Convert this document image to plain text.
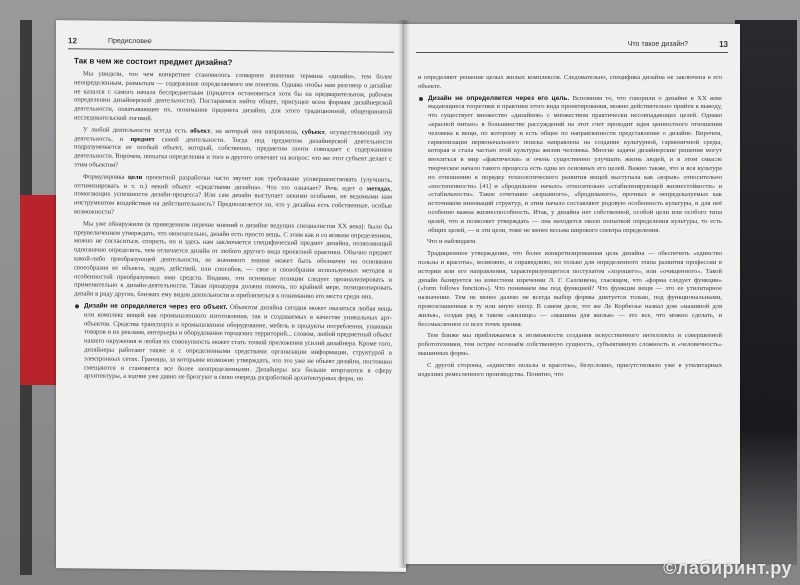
12	Предисловие
Так в чем же состоит предмет дизайна?

Мы увидели, что чем конкретнее становилось словарное значение термина «дизайн», тем более неопределенным, размытым — содержание определяемого им понятия. Однако чтобы нам разговор о дизайне не казался с самого начала беспредметным (придется остановиться хотя бы на предварительном, рабочем определении дизайнерской деятельности). Постараемся найти общее, присущее всем формам дизайнерской деятельности, охватывающее их, понимание предмета дизайна, для этого традиционной, общепринятой исследовательской логикой.

У любой деятельности всегда есть объект, на который она направлена, субъект, осуществляющий эту деятельность, и предмет самой деятельности. Тогда под предметом дизайнерской деятельности подразумевается ее особый объект, который, собственно, предметом почти совпадает с содержанием деятельности. Впрочем, попытка определения и того и другого отвечает на вопрос: что же этот субъект делает с этим объектом?

Формулировка цели проектной разработки часто звучит как требование усовершенствовать (улучшить, оптимизировать и т. п.) некий объект «средствами дизайна». Что это означает? Речь идет о методах, помогающих успешности дизайн-процесса? Или сам дизайн выступает некими особыми, не ведомыми нам инструментом воздействия на действительность? Предполагается ли, что у дизайна есть собственные, особые возможности?

Мы уже обнаружили (в приведенном перечне мнений о дизайне ведущих специалистов XX века): было бы преувеличением утверждать, что окончательно, дизайн есть просто вещь. С этим как и со всяким определением, можно не согласиться, спорить, но и здесь нам заключается специфический предмет дизайна, позволяющий однозначно определить, чем отличается дизайн от любого другого вида проектной практики. Обычно предмет какой-либо преобразующей деятельности, ее значимого знания может быть обозначен на основании своеобразия ее объекта, задач, действий, или способов, — свое и своеобразия используемых методов и особенностей преобразуемых ими средств. Видимо, эти основные позиции следует проанализировать и применительно к дизайн-деятельности. Такая процедура должна помочь, по крайней мере, позиционировать дизайн в ряду других, близких ему видов деятельности и приблизиться к пониманию его места среди них.

Дизайн не определяется через его объект. Объектом дизайна сегодня может оказаться любая вещь или комплекс вещей как промышленного изготовления, так и создаваемых в качестве уникальных арт-объектов. Средства транспорта и промышленное оборудование, мебель и продукты потребления, упаковки товаров и их реклама, интерьеры и оборудование городских территорий... словом, любой предметный объект нашего окружения и любая их совокупность может стать точкой приложения усилий дизайнера. Кроме того, дизайнеры работают также и с определенными средствами организации информации, структурой в электронных сетях. Границы, за которыми возможно утверждать, что это уже не объект дизайна, постоянно смещаются и становятся все более неопределенными. Дизайнеры все больше вторгаются в сферу архитектуры, а зодчие уже давно не брезгуют в свою очередь разработкой архитектурных форм, но

Что такое дизайн?	13

и определяют решение целых жилых комплексов. Следовательно, специфика дизайна не заключена в его объекте.

Дизайн не определяется через его цель. Вспомним то, что говорили о дизайне в XX веке выдающиеся теоретики и практики этого вида проектирования, можно действительно прийти к выводу, что существует множество «дизайнов» с множеством практически несовпадающих целей. Однако «красной нитью» в большинстве рассуждений на этот счет проходит идея ценностного отношения человека к вещи, по которому и есть общее по направленности представление о дизайне. Впрочем, гармонизация первоначального поиска направлена на создание культурной, гармоничной среды, которая и стала частью этой культуры жизни человека. Многие задачи дизайнерские решения могут вноситься в мир «фактически» и очень существенно улучшать жизнь людей, и в этом смысле творческое начало такого процесса есть одна из основных его целей. Важно также, что и вся культура по отношению к порядку технологического развития вещей выступала как «взрыв» относительно «постепенности» [41] и «бродильное начало» относительно «стабилизирующей жизнестойкости» и «стабильности». Такое сочетание «взрывного», «бродильного», прочных и непредсказуемых как источником инноваций структур, и этим начало составляют родовую особенность культуры, и для неё особенно важна жизнеспособность. Итак, у дизайна нет собственной, особой цели или особого типа целей, что и позволяет утверждать — она находится около попыткой определения культуры, то есть общих целей, — и эти цели, тоже не менее весьма широкого спектра определения.

Что и наблюдаем.

Традиционное утверждение, что более конкретизированная цель дизайна — обеспечить «единство пользы и красоты», возможно, и справедливо, но только для определенного этапа развития профессии в истории или его направления, характеризующегося постулатом «хорошего», или «очищенного». Такой дизайн базируется на известном изречении Л. Г. Салливена, гласящем, что «форма следует функции» («form follows function»). Что понимаем мы под функцией? Что функция вещи — это ее утилитарное назначение. Тем не менее далеко не всегда выбор формы диктуется только, под функциональными, провозглашенная в ту или иную эпоху. В самом деле, тот же Ле Корбюзье назвал дом «машиной для жилья», создав ряд в таком «жилище» — «машина для жилья» — это все, что можно сделать, и бессмысленное со всех точек зрения.

Тем ближе мы приближаемся к возможности создания искусственного интеллекта и совершенной робототехники, тем острее осознаём собственную сущность, субъективную сложность и «человечность» машинных форм».

С другой стороны, «единство пользы и красоты», безусловно, присутствовало уже в утилитарных изделиях ремесленного производства. Понятно, что

©лабиринт.ру
